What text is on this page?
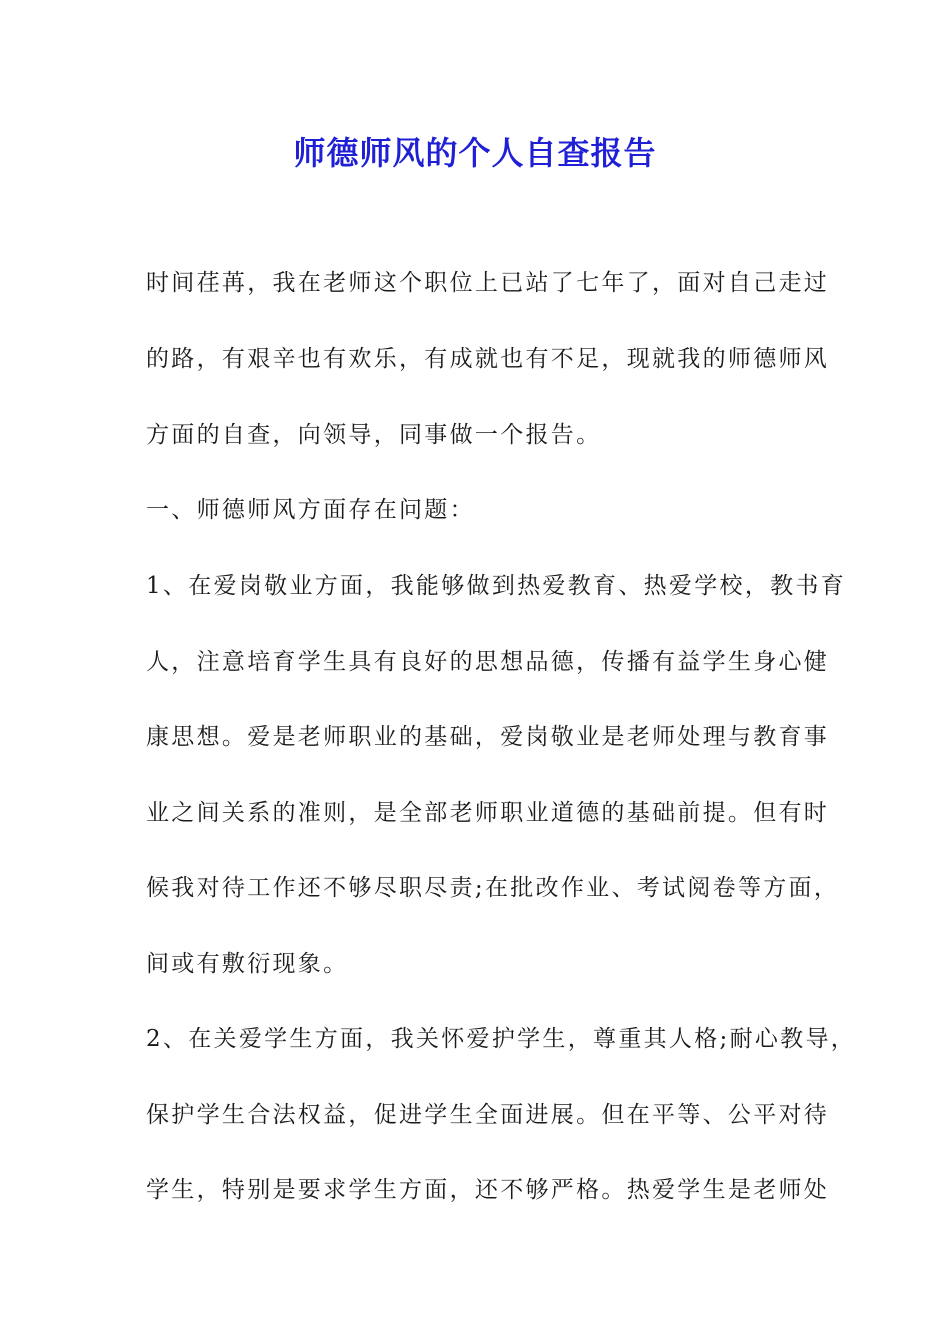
师德师风的个人自查报告

时间荏苒，我在老师这个职位上已站了七年了，面对自己走过

的路，有艰辛也有欢乐，有成就也有不足，现就我的师德师风

方面的自查，向领导，同事做一个报告。

一、师德师风方面存在问题：

1、在爱岗敬业方面，我能够做到热爱教育、热爱学校，教书育

人，注意培育学生具有良好的思想品德，传播有益学生身心健

康思想。爱是老师职业的基础，爱岗敬业是老师处理与教育事

业之间关系的准则，是全部老师职业道德的基础前提。但有时

候我对待工作还不够尽职尽责;在批改作业、考试阅卷等方面，

间或有敷衍现象。

2、在关爱学生方面，我关怀爱护学生，尊重其人格;耐心教导，

保护学生合法权益，促进学生全面进展。但在平等、公平对待

学生，特别是要求学生方面，还不够严格。热爱学生是老师处
